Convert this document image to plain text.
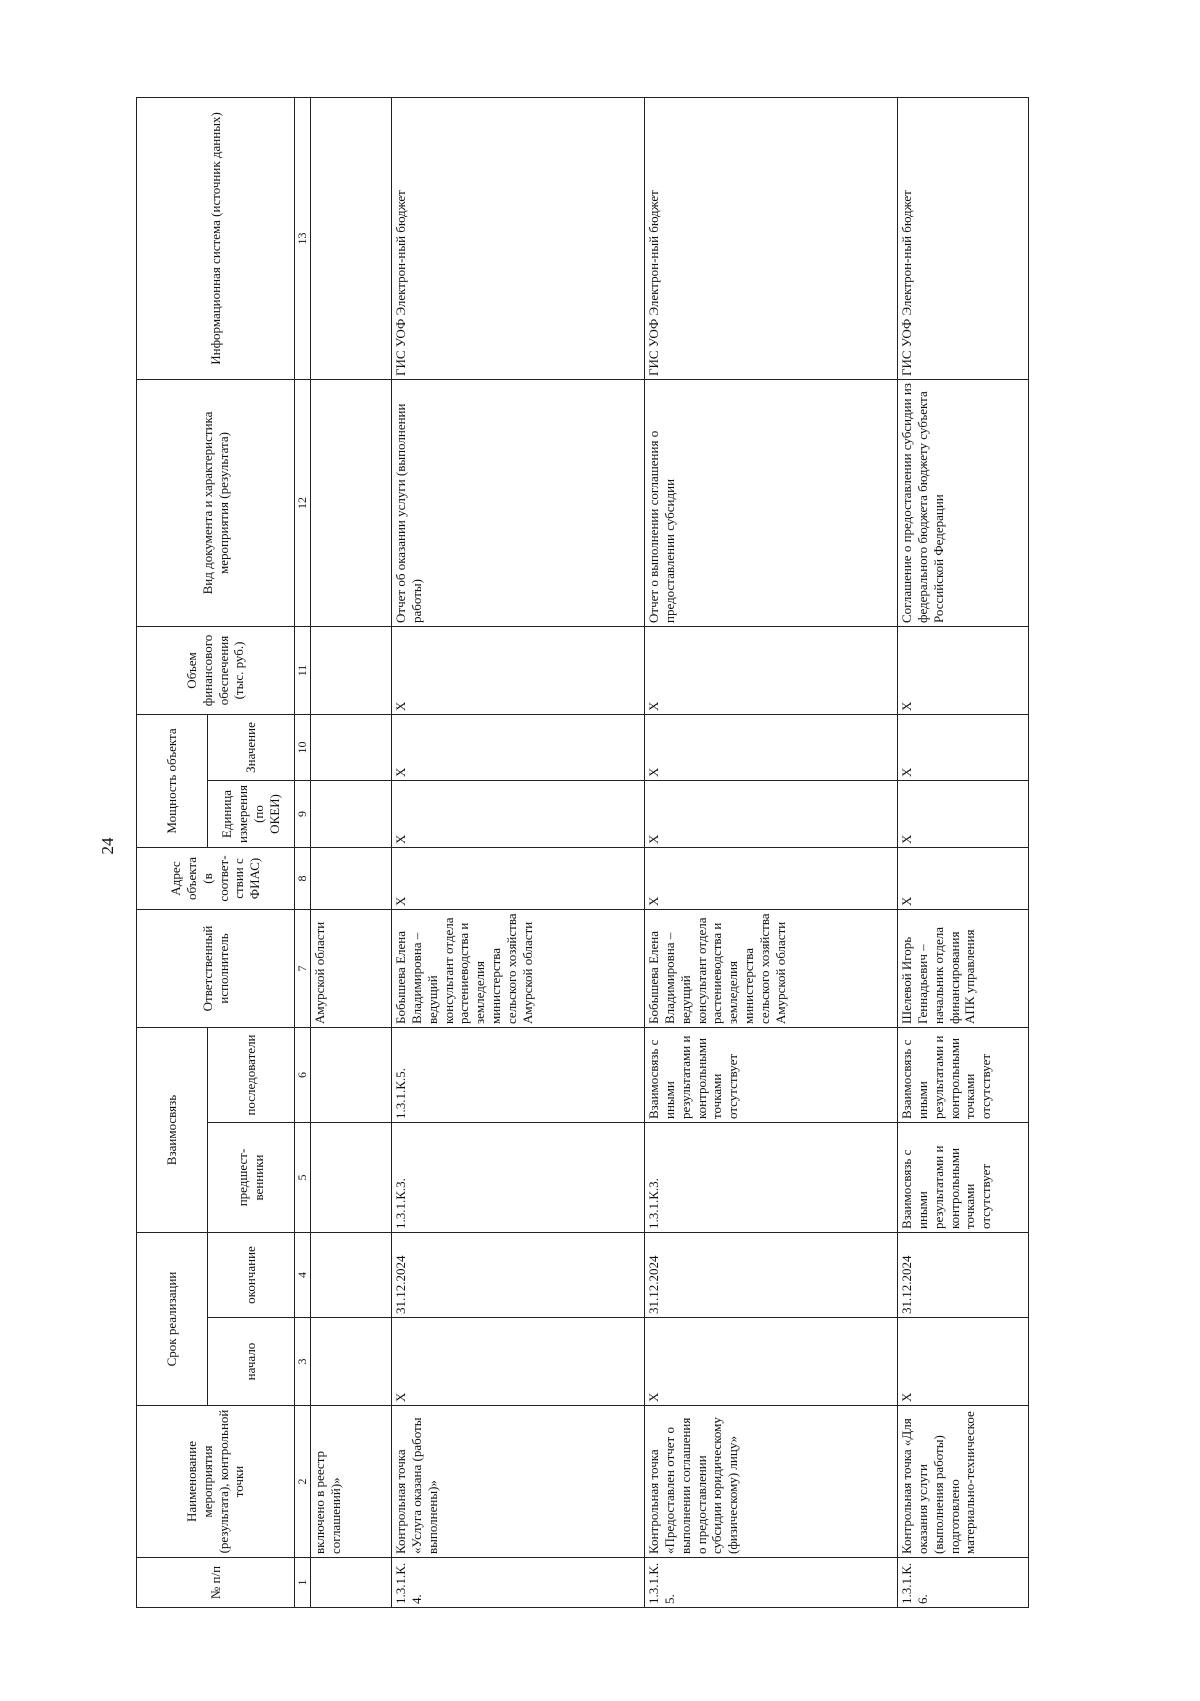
24
№ п/п	Наименование мероприятия (результата), контрольной точки	Срок реализации		Взаимосвязь		Ответственный исполнитель	Адрес объекта (в соответ-ствии с ФИАС)	Мощность объекта		Объем финансового обеспечения (тыс. руб.)	Вид документа и характеристика мероприятия (результата)	Информационная система (источник данных)
		начало	окончание	предшест-венники	последователи			Единица измерения (по ОКЕИ)	Значение			
1	2	3	4	5	6	7	8	9	10	11	12	13
	включено в реестр соглашений)»					Амурской области						
1.3.1.К.4.	Контрольная точка «Услуга оказана (работы выполнены)»	X	31.12.2024	1.3.1.К.3.	1.3.1.К.5.	Бобышева Елена Владимировна – ведущий консультант отдела растениеводства и земледелия министерства сельского хозяйства Амурской области	X	X	X	X	Отчет об оказании услуги (выполнении работы)	ГИС УОФ Электрон-ный бюджет
1.3.1.К.5.	Контрольная точка «Предоставлен отчет о выполнении соглашения о предоставлении субсидии юридическому (физическому) лицу»	X	31.12.2024	1.3.1.К.3.	Взаимосвязь с иными результатами и контрольными точками отсутствует	Бобышева Елена Владимировна – ведущий консультант отдела растениеводства и земледелия министерства сельского хозяйства Амурской области	X	X	X	X	Отчет о выполнении соглашения о предоставлении субсидии	ГИС УОФ Электрон-ный бюджет
1.3.1.К.6.	Контрольная точка «Для оказания услуги (выполнения работы) подготовлено материально-техническое	X	31.12.2024	Взаимосвязь с иными результатами и контрольными точками отсутствует	Взаимосвязь с иными результатами и контрольными точками отсутствует	Шелевой Игорь Геннадьевич – начальник отдела финансирования АПК управления	X	X	X	X	Соглашение о предоставлении субсидии из федерального бюджета бюджету субъекта Российской Федерации	ГИС УОФ Электрон-ный бюджет
